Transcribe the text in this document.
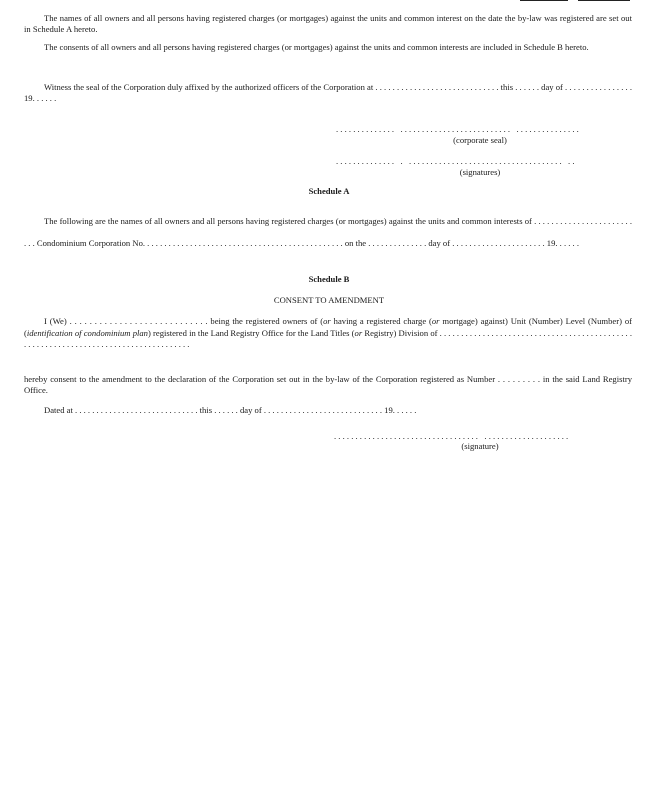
The names of all owners and all persons having registered charges (or mortgages) against the units and common interest on the date the by-law was registered are set out in Schedule A hereto.

The consents of all owners and all persons having registered charges (or mortgages) against the units and common interests are included in Schedule B hereto.

Witness the seal of the Corporation duly affixed by the authorized officers of the Corporation at . . . . . . . . . . . . . . . . . . . . . . . . . . . . . this . . . . . . day of . . . . . . . . . . . . . . . . 19. . . . . .

. . . . . . . . . . . . . .   . . . . . . . . . . . . . . . . . . . . . . . . . .   . . . . . . . . . . . . . . .

(corporate seal)

. . . . . . . . . . . . . .   .   . . . . . . . . . . . . . . . . . . . . . . . . . . . . . . . . . . . .   . .

(signatures)

Schedule A

The following are the names of all owners and all persons having registered charges (or mortgages) against the units and common interests of . . . . . . . . . . . . . . . . . . . . . . . . . . Condominium Corporation No. . . . . . . . . . . . . . . . . . . . . . . . . . . . . . . . . . . . . . . . . . . . . . . on the . . . . . . . . . . . . . . day of . . . . . . . . . . . . . . . . . . . . . . 19. . . . . .

Schedule B

CONSENT TO AMENDMENT

I (We) . . . . . . . . . . . . . . . . . . . . . . . . . . . . being the registered owners of (or having a registered charge (or mortgage) against) Unit (Number) Level (Number) of (identification of condominium plan) registered in the Land Registry Office for the Land Titles (or Registry) Division of . . . . . . . . . . . . . . . . . . . . . . . . . . . . . . . . . . . . . . . . . . . . . . . . . . . . . . . . . . . . . . . . . . . . . . . . . . . . . . . . . . . .

hereby consent to the amendment to the declaration of the Corporation set out in the by-law of the Corporation registered as Number . . . . . . . . . in the said Land Registry Office.

Dated at . . . . . . . . . . . . . . . . . . . . . . . . . . . . . this . . . . . . day of . . . . . . . . . . . . . . . . . . . . . . . . . . . . 19. . . . . .

. . . . . . . . . . . . . . . . . . . . . . . . . . . . . . . . . .   . . . . . . . . . . . . . . . . . . . .

(signature)
